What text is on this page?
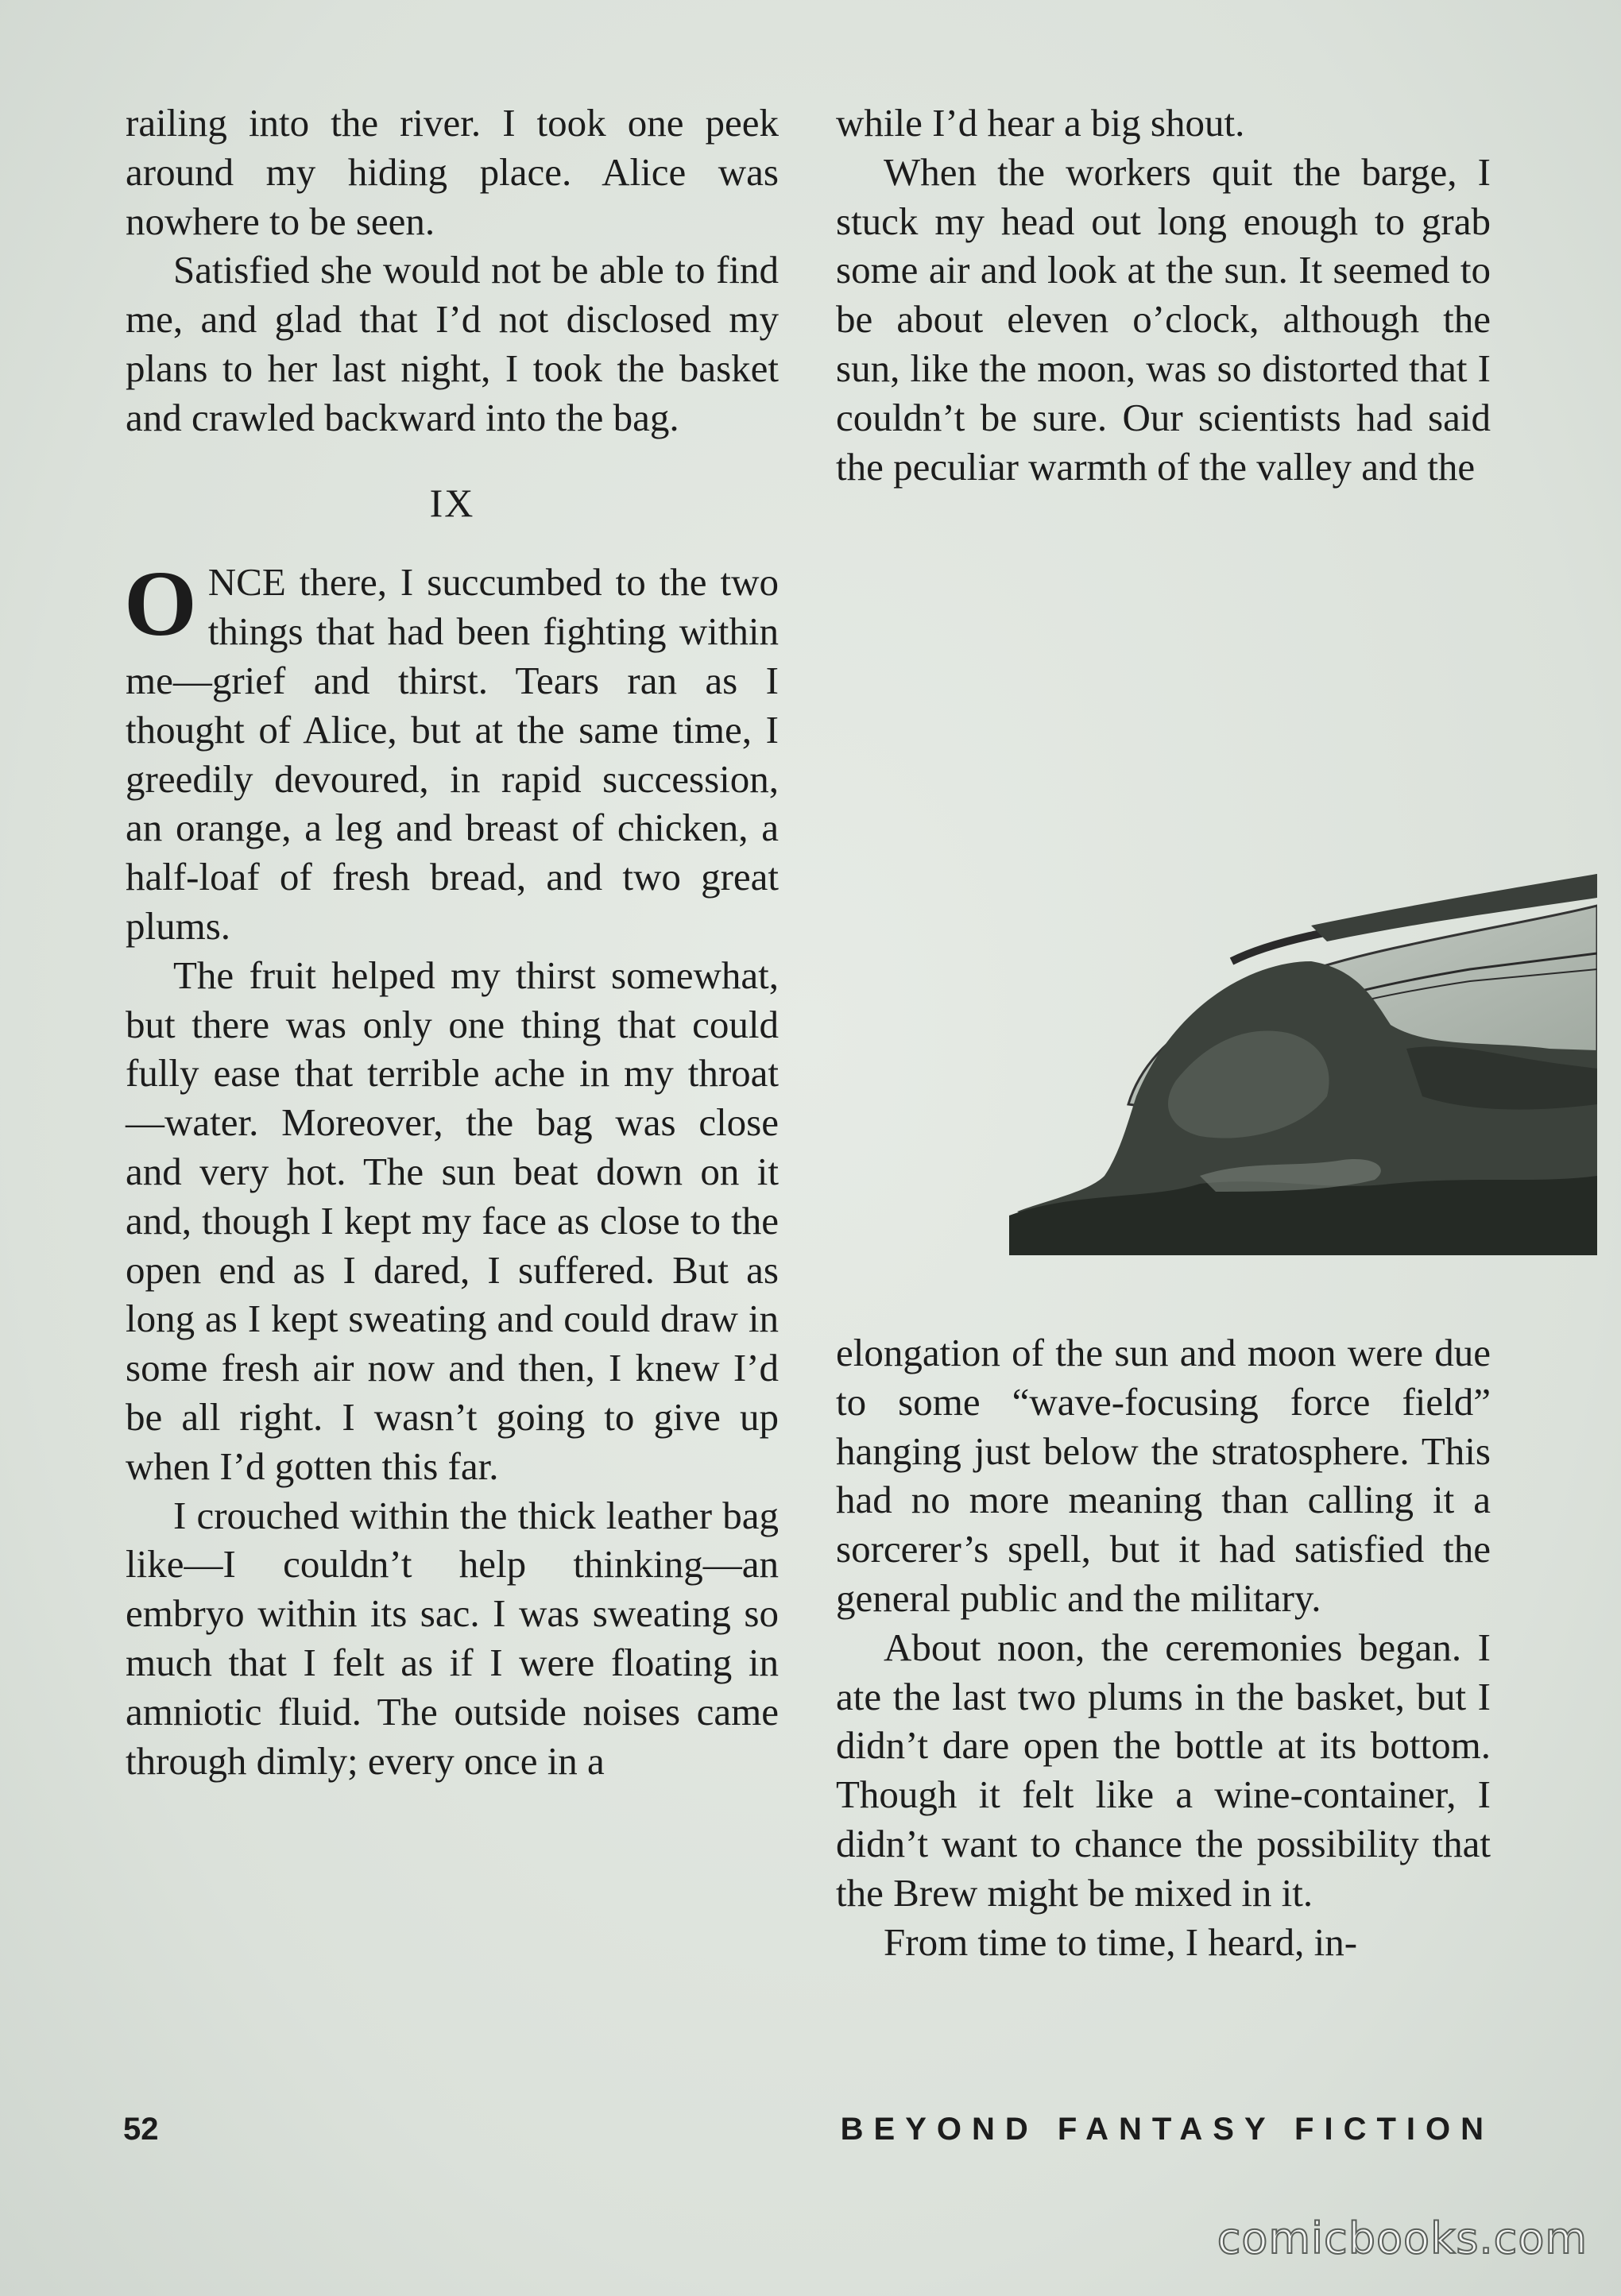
railing into the river. I took one peek around my hiding place. Alice was nowhere to be seen.

Satisfied she would not be able to find me, and glad that I’d not disclosed my plans to her last night, I took the basket and crawled backward into the bag.

IX

ONCE there, I succumbed to the two things that had been fighting within me—grief and thirst. Tears ran as I thought of Alice, but at the same time, I greedily devoured, in rapid succession, an orange, a leg and breast of chicken, a half-loaf of fresh bread, and two great plums.

The fruit helped my thirst somewhat, but there was only one thing that could fully ease that terrible ache in my throat—water. Moreover, the bag was close and very hot. The sun beat down on it and, though I kept my face as close to the open end as I dared, I suffered. But as long as I kept sweating and could draw in some fresh air now and then, I knew I’d be all right. I wasn’t going to give up when I’d gotten this far.

I crouched within the thick leather bag like—I couldn’t help thinking—an embryo within its sac. I was sweating so much that I felt as if I were floating in amniotic fluid. The outside noises came through dimly; every once in a

while I’d hear a big shout.

When the workers quit the barge, I stuck my head out long enough to grab some air and look at the sun. It seemed to be about eleven o’clock, although the sun, like the moon, was so distorted that I couldn’t be sure. Our scientists had said the peculiar warmth of the valley and the

elongation of the sun and moon were due to some “wave-focusing force field” hanging just below the stratosphere. This had no more meaning than calling it a sorcerer’s spell, but it had satisfied the general public and the military.

About noon, the ceremonies began. I ate the last two plums in the basket, but I didn’t dare open the bottle at its bottom. Though it felt like a wine-container, I didn’t want to chance the possibility that the Brew might be mixed in it.

From time to time, I heard, in-

52	BEYOND FANTASY FICTION
comicbooks.com
